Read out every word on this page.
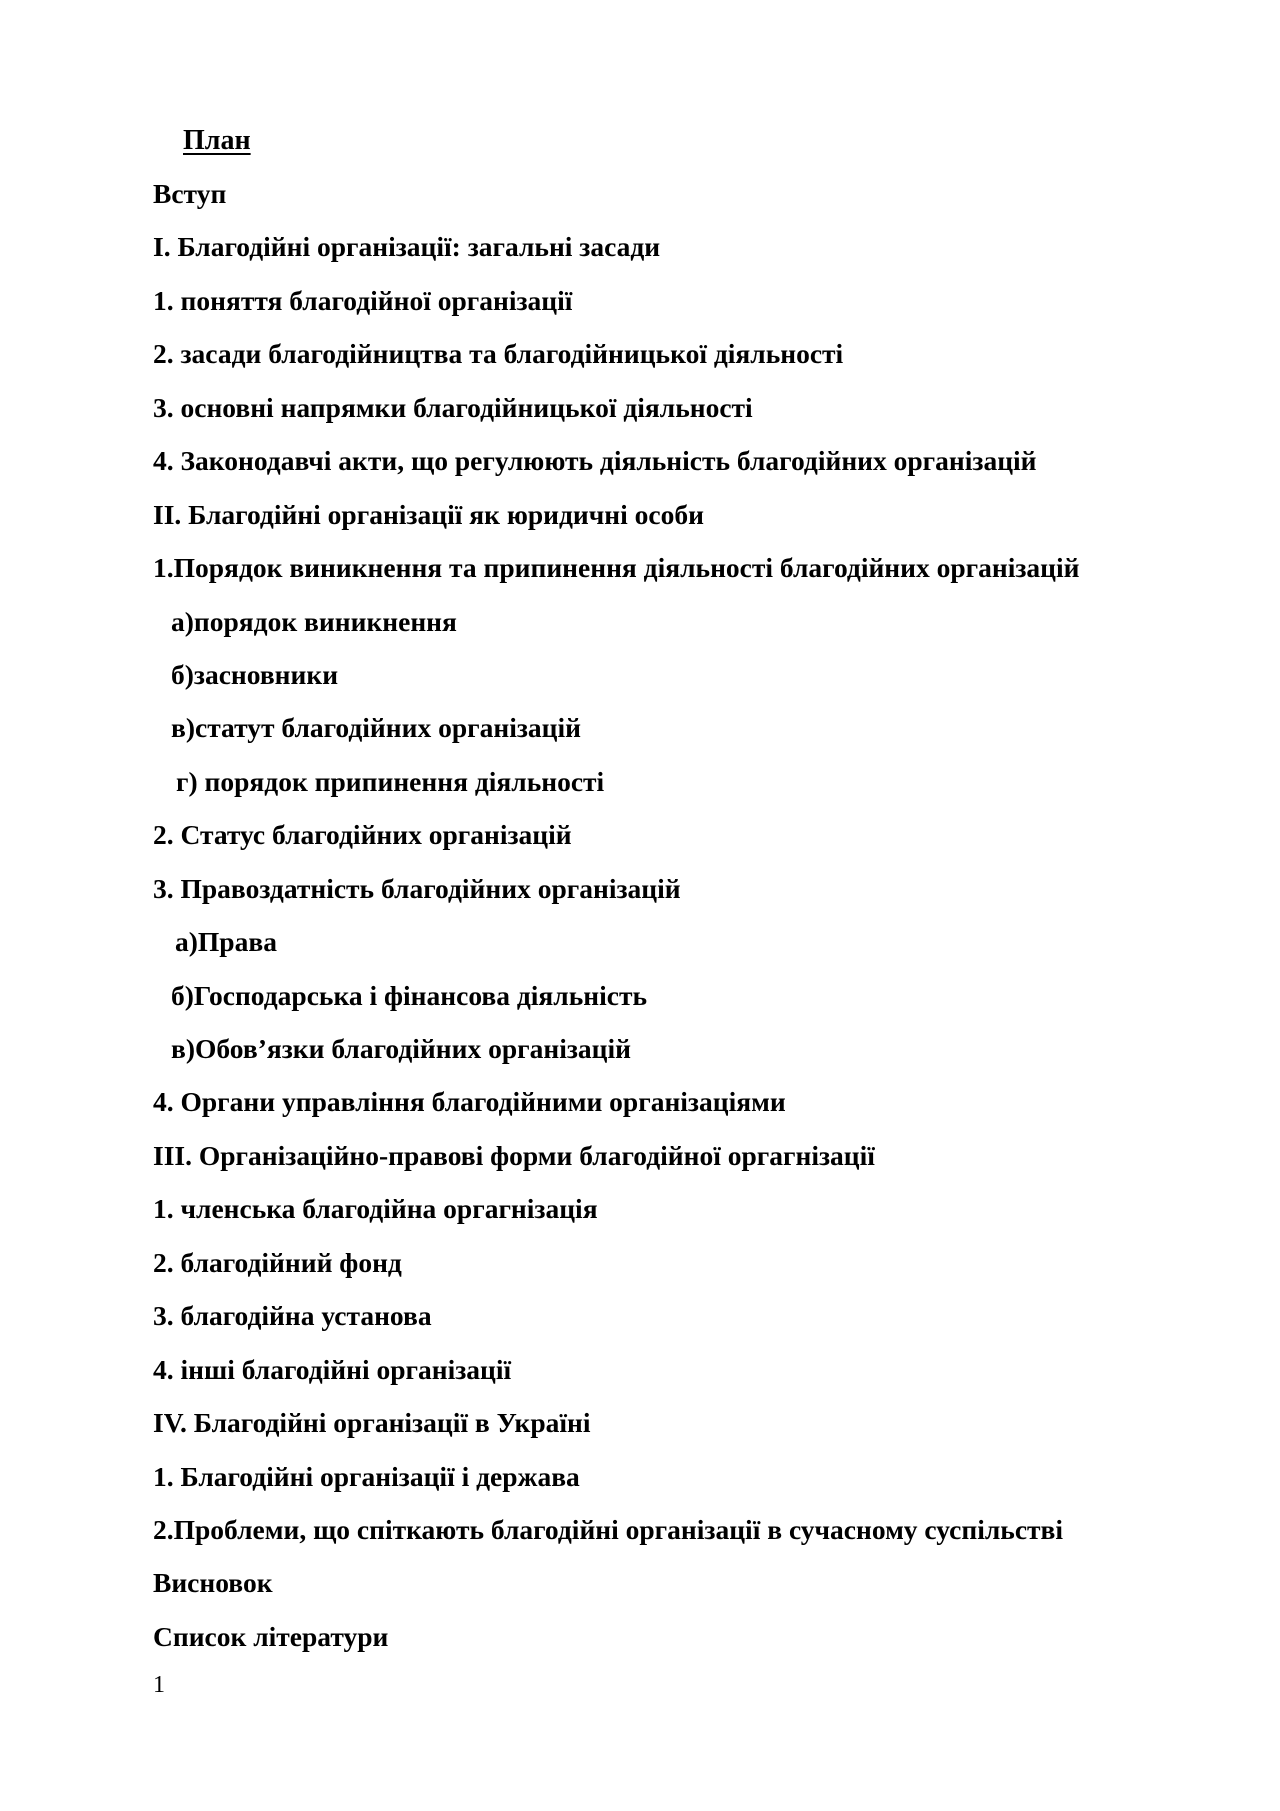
План
Вступ
І. Благодійні організації: загальні засади
1. поняття благодійної організації
2. засади благодійництва та благодійницької діяльності
3. основні напрямки благодійницької діяльності
4. Законодавчі акти, що регулюють діяльність благодійних організацій
ІІ. Благодійні організації як юридичні особи
1.Порядок виникнення та припинення діяльності благодійних організацій
а)порядок виникнення
б)засновники
в)статут благодійних організацій
г) порядок припинення діяльності
2. Статус благодійних організацій
3. Правоздатність благодійних організацій
а)Права
б)Господарська і фінансова діяльність
в)Обов’язки благодійних організацій
4. Органи управління благодійними організаціями
ІІІ. Організаційно-правові форми благодійної оргагнізації
1. членська благодійна оргагнізація
2. благодійний фонд
3. благодійна установа
4. інші благодійні організації
ІV. Благодійні організації в Україні
1. Благодійні організації і держава
2.Проблеми, що спіткають благодійні організації в сучасному суспільстві
Висновок
Список літератури
1
